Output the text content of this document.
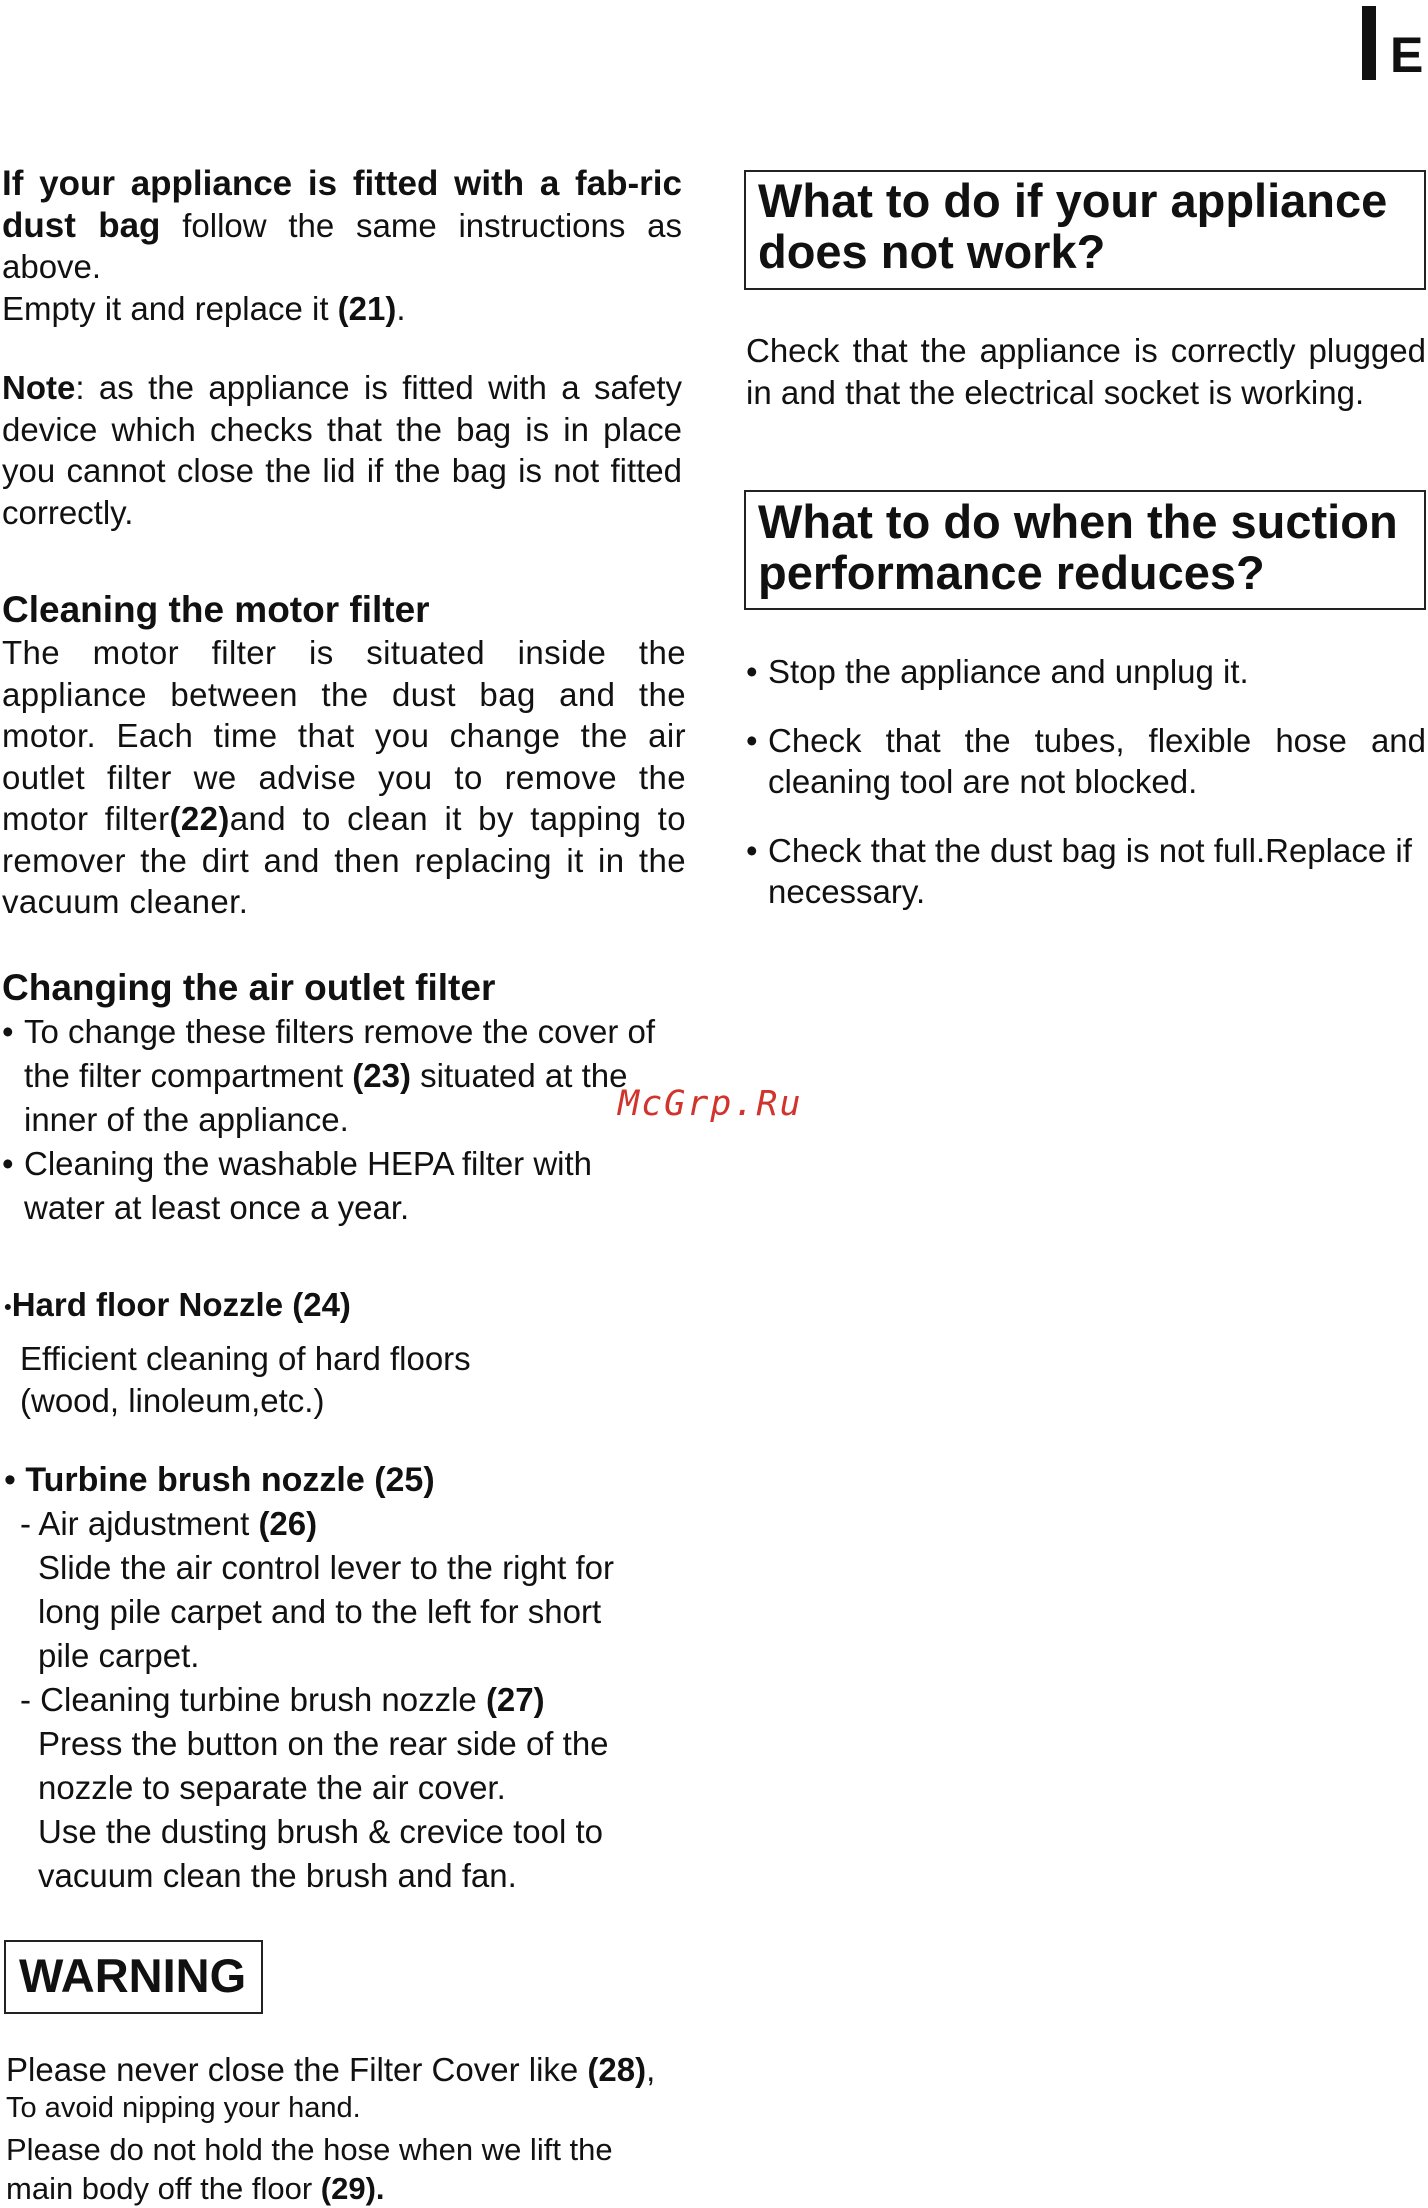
E
McGrp.Ru

If your appliance is fitted with a fab-ric dust bag follow the same instructions as above.

Empty it and replace it (21).

Note: as the appliance is fitted with a safety device which checks that the bag is in place you cannot close the lid if the bag is not fitted correctly.

Cleaning the motor filter

The motor filter is situated inside the appliance between the dust bag and the motor. Each time that you change the air outlet filter we advise you to remove the motor filter(22)and to clean it by tapping to remover the dirt and then replacing it in the vacuum cleaner.

Changing the air outlet filter

• To change these filters remove the cover of the filter compartment (23) situated at the inner of the appliance.
• Cleaning the washable HEPA filter with water at least once a year.

•Hard floor Nozzle (24)

Efficient cleaning of hard floors

(wood, linoleum,etc.)

• Turbine brush nozzle (25)

- Air ajdustment (26)

Slide the air control lever to the right for long pile carpet and to the left for short pile carpet.

- Cleaning turbine brush nozzle (27)

Press the button on the rear side of the nozzle to separate the air cover.

Use the dusting brush & crevice tool to vacuum clean the brush and fan.

WARNING

Please never close the Filter Cover like (28),

To avoid nipping your hand.

Please do not hold the hose when we lift the

main body off the floor (29).

What to do if your appliance does not work?

Check that the appliance is correctly plugged in and that the electrical socket is working.

What to do when the suction performance reduces?

• Stop the appliance and unplug it.
• Check that the tubes, flexible hose and cleaning tool are not blocked.
• Check that the dust bag is not full.Replace if necessary.
